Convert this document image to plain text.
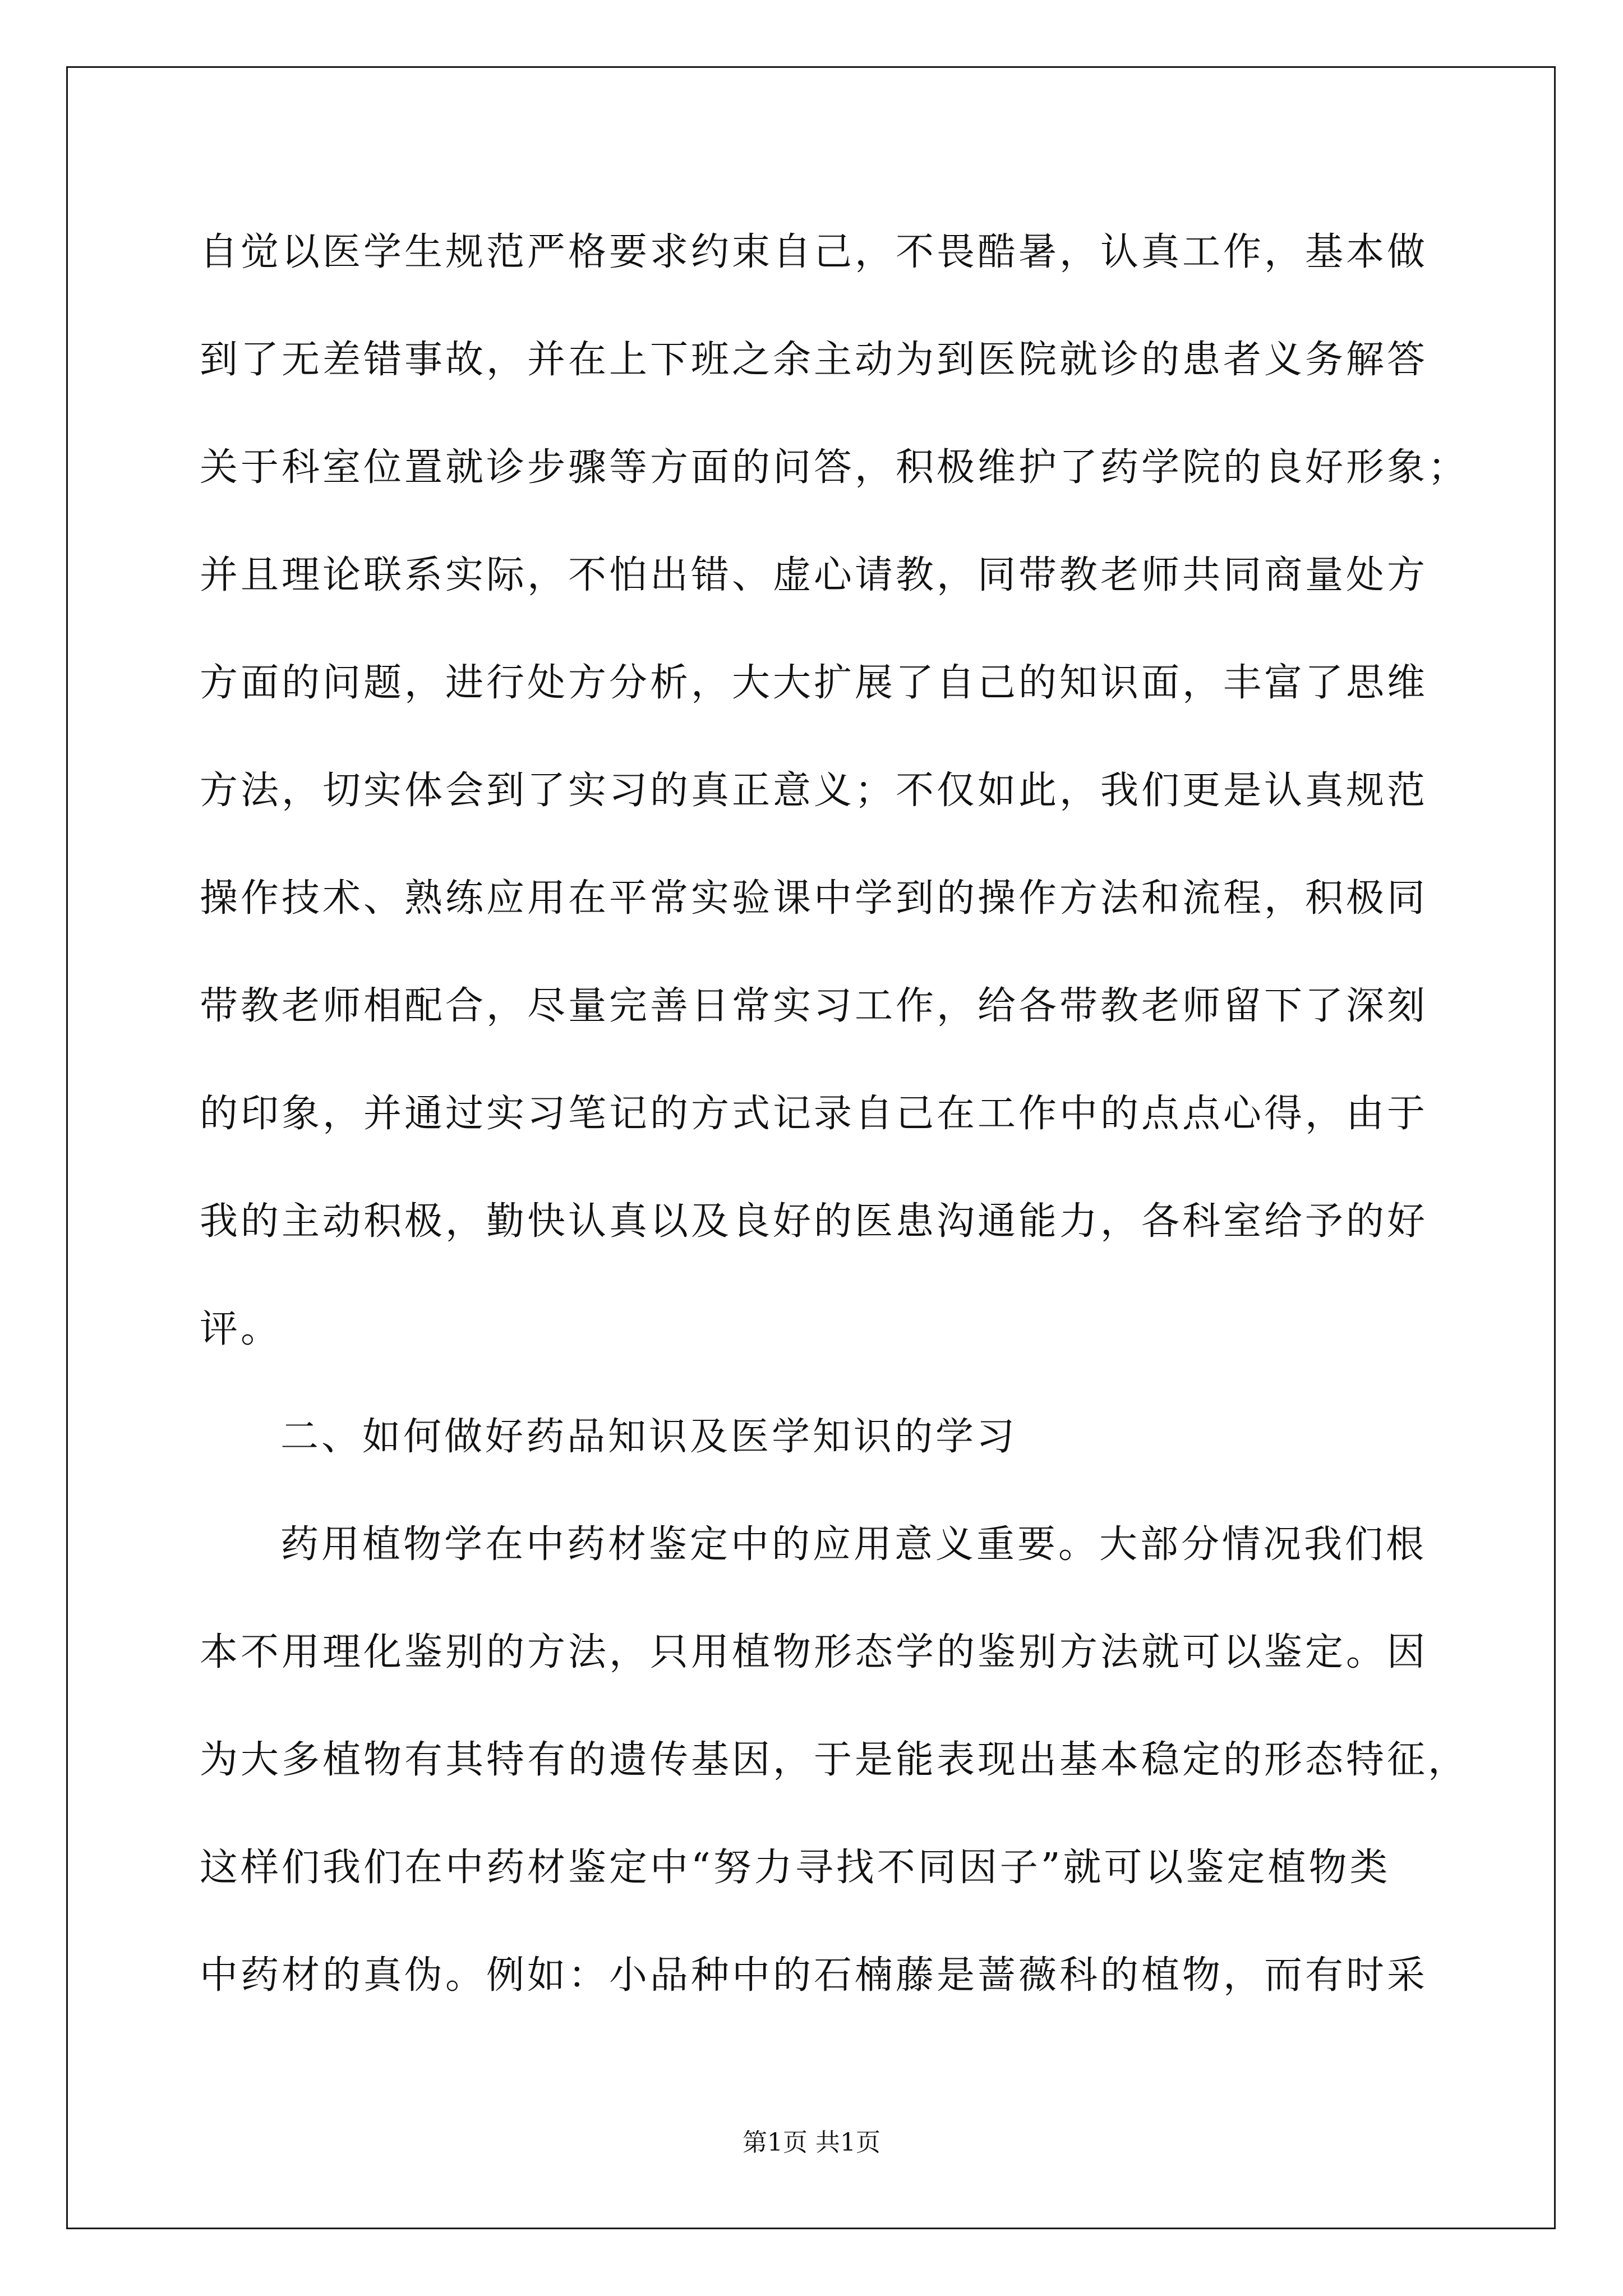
自觉以医学生规范严格要求约束自己，不畏酷暑，认真工作，基本做
到了无差错事故，并在上下班之余主动为到医院就诊的患者义务解答
关于科室位置就诊步骤等方面的问答，积极维护了药学院的良好形象；
并且理论联系实际，不怕出错、虚心请教，同带教老师共同商量处方
方面的问题，进行处方分析，大大扩展了自己的知识面，丰富了思维
方法，切实体会到了实习的真正意义；不仅如此，我们更是认真规范
操作技术、熟练应用在平常实验课中学到的操作方法和流程，积极同
带教老师相配合，尽量完善日常实习工作，给各带教老师留下了深刻
的印象，并通过实习笔记的方式记录自己在工作中的点点心得，由于
我的主动积极，勤快认真以及良好的医患沟通能力，各科室给予的好
评。
二、如何做好药品知识及医学知识的学习
药用植物学在中药材鉴定中的应用意义重要。大部分情况我们根
本不用理化鉴别的方法，只用植物形态学的鉴别方法就可以鉴定。因
为大多植物有其特有的遗传基因，于是能表现出基本稳定的形态特征，
这样们我们在中药材鉴定中“努力寻找不同因子”就可以鉴定植物类
中药材的真伪。例如：小品种中的石楠藤是蔷薇科的植物，而有时采
第1页 共1页
